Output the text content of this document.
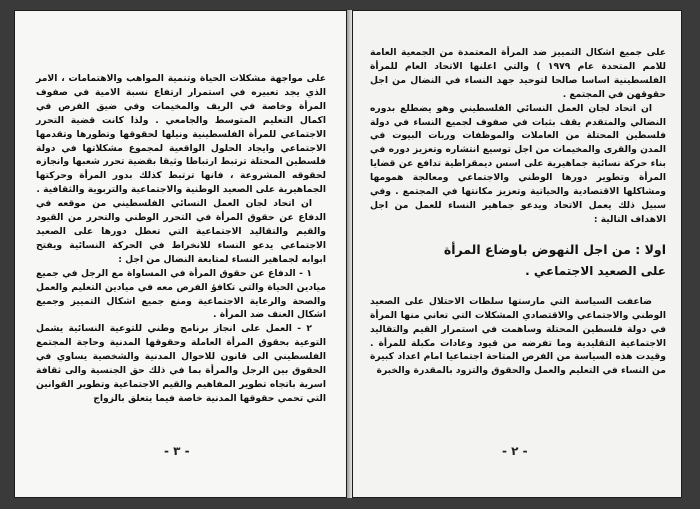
على مواجهة مشكلات الحياة وتنمية المواهب والاهتمامات ، الامر الذي يجد تعبيره في استمرار ارتفاع نسبة الامية في صفوف المرأة وخاصة في الريف والمخيمات وفي ضيق الفرص في اكمال التعليم المتوسط والجامعي . ولذا كانت قضية التحرر الاجتماعي للمرأة الفلسطينية ونيلها لحقوقها وتطورها وتقدمها الاجتماعي وايجاد الحلول الواقعية لمجموع مشكلاتها في دولة فلسطين المحتلة ترتبط ارتباطا وثيقا بقضية تحرر شعبها وانجازه لحقوقه المشروعة ، فانها ترتبط كذلك بدور المرأة وحركتها الجماهيرية على الصعيد الوطنية والاجتماعية والتربوية والثقافية .

ان اتحاد لجان العمل النسائي الفلسطيني من موقعه في الدفاع عن حقوق المرأة في التحرر الوطني والتحرر من القيود والقيم والتقاليد الاجتماعية التي تعطل دورها على الصعيد الاجتماعي يدعو النساء للانخراط في الحركة النسائية ويفتح ابوابه لجماهير النساء لمتابعة النضال من اجل :

١ - الدفاع عن حقوق المرأة في المساواة مع الرجل في جميع ميادين الحياة والتي تكافؤ الفرص معه في ميادين التعليم والعمل والصحة والرعاية الاجتماعية ومنع جميع اشكال التمييز وجميع اشكال العنف ضد المرأة .

٢ - العمل على انجاز برنامج وطني للتوعية النسائية يشمل التوعية بحقوق المرأة العاملة وحقوقها المدنية وحاجة المجتمع الفلسطيني الى قانون للاحوال المدنية والشخصية يساوي في الحقوق بين الرجل والمرأة بما في ذلك حق الجنسية والى ثقافة اسرية باتجاه تطوير المفاهيم والقيم الاجتماعية وتطوير القوانين التي تحمي حقوقها المدنية خاصة فيما يتعلق بالزواج

- ٣ -

على جميع اشكال التمييز ضد المرأة المعتمدة من الجمعية العامة للامم المتحدة عام ١٩٧٩ ) والتي اعلنها الاتحاد العام للمرأة الفلسطينية اساسا صالحا لتوحيد جهد النساء في النضال من اجل حقوقهن في المجتمع .

ان اتحاد لجان العمل النسائي الفلسطيني وهو يضطلع بدوره النضالي والمتقدم يقف بثبات في صفوف لجميع النساء في دولة فلسطين المحتلة من العاملات والموظفات وربات البيوت في المدن والقرى والمخيمات من اجل توسيع انتشاره وتعزيز دوره في بناء حركة نسائية جماهيرية على اسس ديمقراطية تدافع عن قضايا المرأة وتطوير دورها الوطني والاجتماعي ومعالجة همومها ومشاكلها الاقتصادية والحياتية وتعزيز مكانتها في المجتمع . وفي سبيل ذلك يعمل الاتحاد ويدعو جماهير النساء للعمل من اجل الاهداف التالية :

اولا : من اجل النهوض باوضاع المرأة
على الصعيد الاجتماعي .

ضاعفت السياسة التي مارستها سلطات الاحتلال على الصعيد الوطني والاجتماعي والاقتصادي المشكلات التي تعاني منها المرأة في دولة فلسطين المحتلة وساهمت في استمرار القيم والتقاليد الاجتماعية التقليدية وما تفرضه من قيود وعادات مكبلة للمرأة . وقيدت هذه السياسة من الفرص المتاحة اجتماعيا امام اعداد كبيرة من النساء في التعليم والعمل والحقوق والتزود بالمقدرة والخبرة

- ٢ -
